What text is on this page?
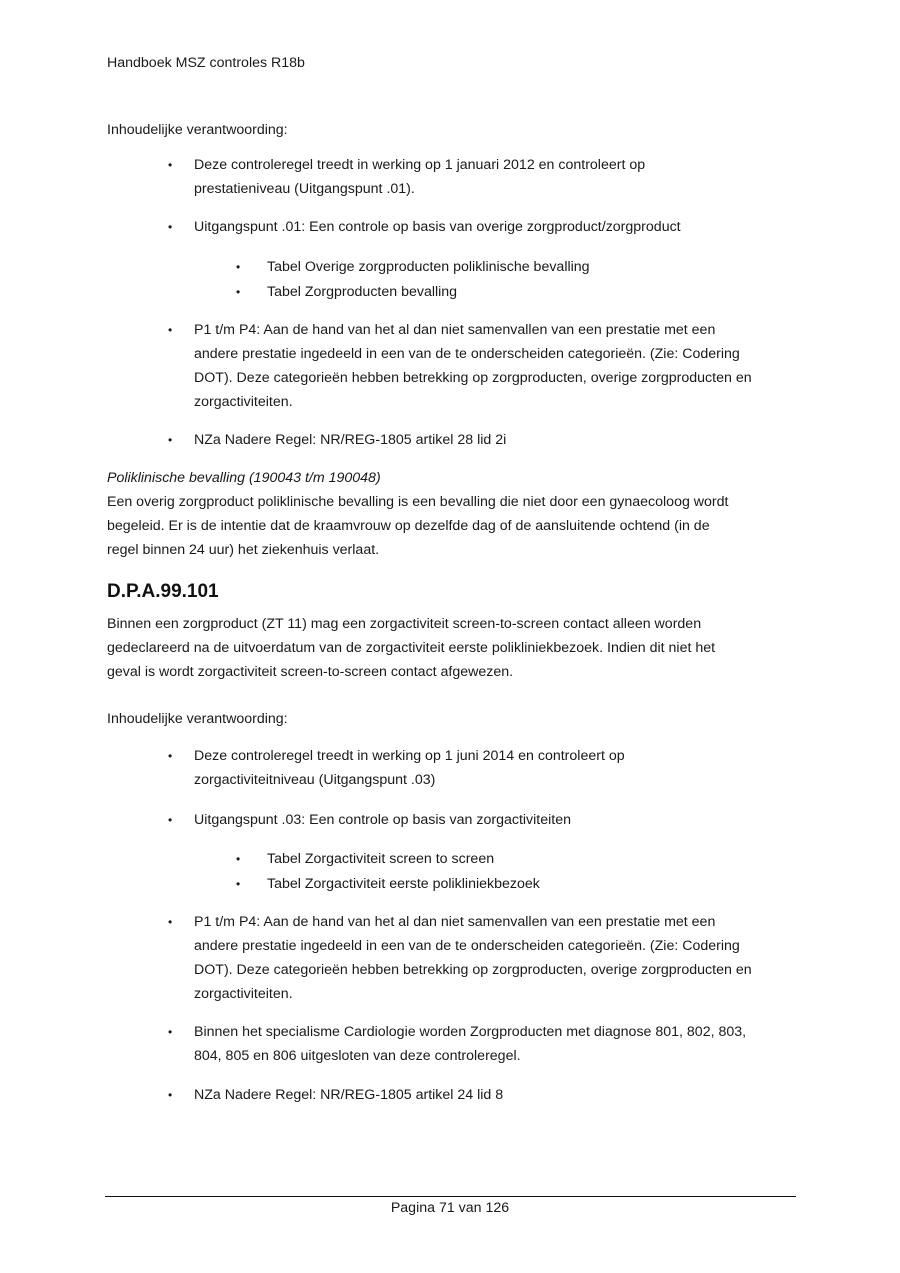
Handboek MSZ controles R18b
Inhoudelijke verantwoording:
• Deze controleregel treedt in werking op 1 januari 2012 en controleert op
prestatieniveau (Uitgangspunt .01).
• Uitgangspunt .01: Een controle op basis van overige zorgproduct/zorgproduct
• Tabel Overige zorgproducten poliklinische bevalling
• Tabel Zorgproducten bevalling
• P1 t/m P4: Aan de hand van het al dan niet samenvallen van een prestatie met een
andere prestatie ingedeeld in een van de te onderscheiden categorieën. (Zie: Codering
DOT). Deze categorieën hebben betrekking op zorgproducten, overige zorgproducten en
zorgactiviteiten.
• NZa Nadere Regel: NR/REG-1805 artikel 28 lid 2i
Poliklinische bevalling (190043 t/m 190048)
Een overig zorgproduct poliklinische bevalling is een bevalling die niet door een gynaecoloog wordt
begeleid. Er is de intentie dat de kraamvrouw op dezelfde dag of de aansluitende ochtend (in de
regel binnen 24 uur) het ziekenhuis verlaat.
D.P.A.99.101
Binnen een zorgproduct (ZT 11) mag een zorgactiviteit screen-to-screen contact alleen worden
gedeclareerd na de uitvoerdatum van de zorgactiviteit eerste polikliniekbezoek. Indien dit niet het
geval is wordt zorgactiviteit screen-to-screen contact afgewezen.
Inhoudelijke verantwoording:
• Deze controleregel treedt in werking op 1 juni 2014 en controleert op
zorgactiviteitniveau (Uitgangspunt .03)
• Uitgangspunt .03: Een controle op basis van zorgactiviteiten
• Tabel Zorgactiviteit screen to screen
• Tabel Zorgactiviteit eerste polikliniekbezoek
• P1 t/m P4: Aan de hand van het al dan niet samenvallen van een prestatie met een
andere prestatie ingedeeld in een van de te onderscheiden categorieën. (Zie: Codering
DOT). Deze categorieën hebben betrekking op zorgproducten, overige zorgproducten en
zorgactiviteiten.
• Binnen het specialisme Cardiologie worden Zorgproducten met diagnose 801, 802, 803,
804, 805 en 806 uitgesloten van deze controleregel.
• NZa Nadere Regel: NR/REG-1805 artikel 24 lid 8
Pagina 71 van 126
